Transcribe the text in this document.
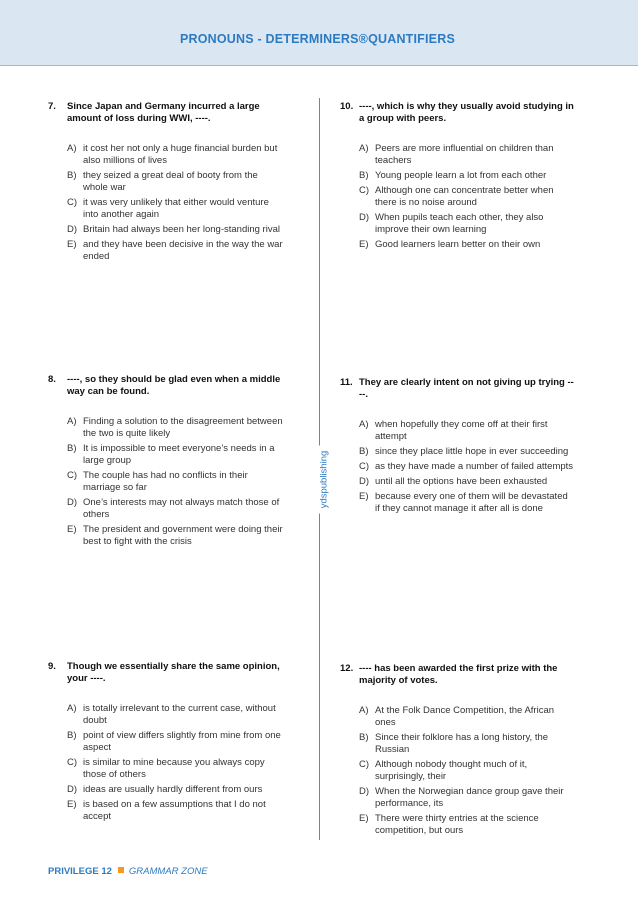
PRONOUNS - DETERMINERS®QUANTIFIERS
ydspublishing
7.	Since Japan and Germany incurred a large amount of loss during WWI, ----.
A) it cost her not only a huge financial burden but also millions of lives
B) they seized a great deal of booty from the whole war
C) it was very unlikely that either would venture into another again
D) Britain had always been her long-standing rival
E) and they have been decisive in the way the war ended
8.	----, so they should be glad even when a middle way can be found.
A) Finding a solution to the disagreement between the two is quite likely
B) It is impossible to meet everyone’s needs in a large group
C) The couple has had no conflicts in their marriage so far
D) One’s interests may not always match those of others
E) The president and government were doing their best to fight with the crisis
9.	Though we essentially share the same opinion, your ----.
A) is totally irrelevant to the current case, without doubt
B) point of view differs slightly from mine from one aspect
C) is similar to mine because you always copy those of others
D) ideas are usually hardly different from ours
E) is based on a few assumptions that I do not accept
10. ----, which is why they usually avoid studying in a group with peers.
A) Peers are more influential on children than teachers
B) Young people learn a lot from each other
C) Although one can concentrate better when there is no noise around
D) When pupils teach each other, they also improve their own learning
E) Good learners learn better on their own
11. They are clearly intent on not giving up trying ----.
A) when hopefully they come off at their first attempt
B) since they place little hope in ever succeeding
C) as they have made a number of failed attempts
D) until all the options have been exhausted
E) because every one of them will be devastated if they cannot manage it after all is done
12. ---- has been awarded the first prize with the majority of votes.
A) At the Folk Dance Competition, the African ones
B) Since their folklore has a long history, the Russian
C) Although nobody thought much of it, surprisingly, their
D) When the Norwegian dance group gave their performance, its
E) There were thirty entries at the science competition, but ours
PRIVILEGE 12 GRAMMAR ZONE
